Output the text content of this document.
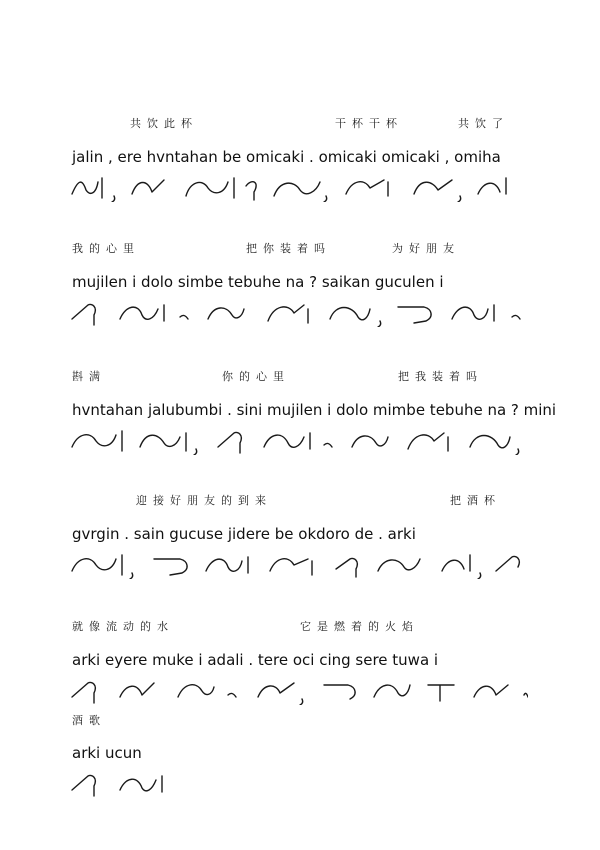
共饮此杯	干杯干杯	共饮了
jalin , ere hvntahan be omicaki . omicaki omicaki , omiha
我的心里	把你装着吗	为好朋友
mujilen i dolo simbe tebuhe na ? saikan guculen i
斟满	你的心里	把我装着吗
hvntahan jalubumbi . sini mujilen i dolo mimbe tebuhe na ? mini
迎接好朋友的到来	把酒杯
gvrgin . sain gucuse jidere be okdoro de . arki
就像流动的水	它是燃着的火焰
arki eyere muke i adali . tere oci cing sere tuwa i
酒歌
arki ucun
